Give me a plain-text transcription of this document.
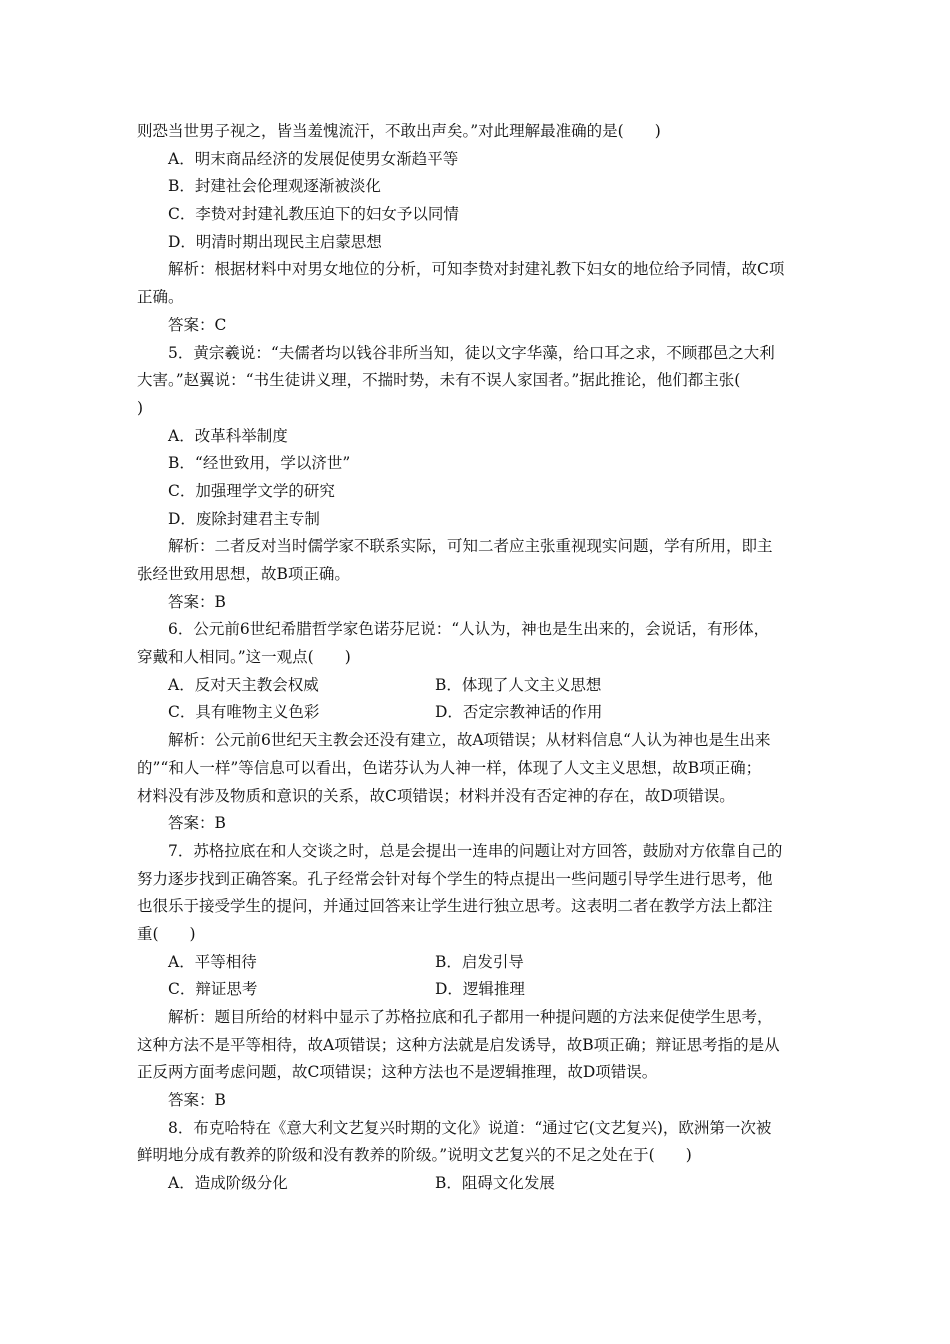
则恐当世男子视之，皆当羞愧流汗，不敢出声矣。”对此理解最准确的是(　　)
A．明末商品经济的发展促使男女渐趋平等
B．封建社会伦理观逐渐被淡化
C．李贽对封建礼教压迫下的妇女予以同情
D．明清时期出现民主启蒙思想
解析：根据材料中对男女地位的分析，可知李贽对封建礼教下妇女的地位给予同情，故C项
正确。
答案：C
5．黄宗羲说：“夫儒者均以钱谷非所当知，徒以文字华藻，给口耳之求，不顾郡邑之大利
大害。”赵翼说：“书生徒讲义理，不揣时势，未有不误人家国者。”据此推论，他们都主张(
)
A．改革科举制度
B．“经世致用，学以济世”
C．加强理学文学的研究
D．废除封建君主专制
解析：二者反对当时儒学家不联系实际，可知二者应主张重视现实问题，学有所用，即主
张经世致用思想，故B项正确。
答案：B
6．公元前6世纪希腊哲学家色诺芬尼说：“人认为，神也是生出来的，会说话，有形体，
穿戴和人相同。”这一观点(　　)
A．反对天主教会权威	B．体现了人文主义思想
C．具有唯物主义色彩	D．否定宗教神话的作用
解析：公元前6世纪天主教会还没有建立，故A项错误；从材料信息“人认为神也是生出来
的”“和人一样”等信息可以看出，色诺芬认为人神一样，体现了人文主义思想，故B项正确；
材料没有涉及物质和意识的关系，故C项错误；材料并没有否定神的存在，故D项错误。
答案：B
7．苏格拉底在和人交谈之时，总是会提出一连串的问题让对方回答，鼓励对方依靠自己的
努力逐步找到正确答案。孔子经常会针对每个学生的特点提出一些问题引导学生进行思考，他
也很乐于接受学生的提问，并通过回答来让学生进行独立思考。这表明二者在教学方法上都注
重(　　)
A．平等相待	B．启发引导
C．辩证思考	D．逻辑推理
解析：题目所给的材料中显示了苏格拉底和孔子都用一种提问题的方法来促使学生思考，
这种方法不是平等相待，故A项错误；这种方法就是启发诱导，故B项正确；辩证思考指的是从
正反两方面考虑问题，故C项错误；这种方法也不是逻辑推理，故D项错误。
答案：B
8．布克哈特在《意大利文艺复兴时期的文化》说道：“通过它(文艺复兴)，欧洲第一次被
鲜明地分成有教养的阶级和没有教养的阶级。”说明文艺复兴的不足之处在于(　　)
A．造成阶级分化	B．阻碍文化发展
